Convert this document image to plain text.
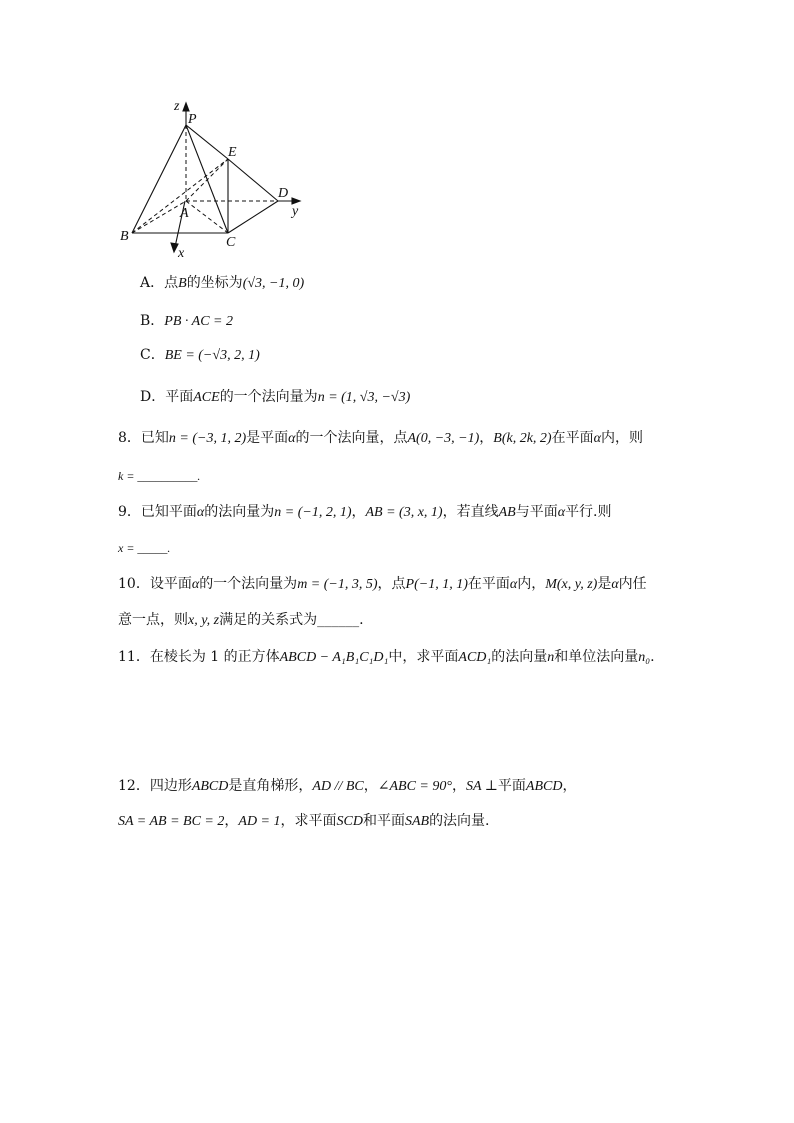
z
P
E
D
y
A
B	C
x
A．点B的坐标为(√3, −1, 0)
B．PB · AC = 2
C．BE = (−√3, 2, 1)
D．平面ACE的一个法向量为n = (1, √3, −√3)
8．已知n = (−3, 1, 2)是平面α的一个法向量，点A(0, −3, −1)，B(k, 2k, 2)在平面α内，则
k = __________.
9．已知平面α的法向量为n = (−1, 2, 1)，AB = (3, x, 1)，若直线AB与平面α平行.则
x = _____.
10．设平面α的一个法向量为m = (−1, 3, 5)，点P(−1, 1, 1)在平面α内，M(x, y, z)是α内任
意一点，则x, y, z满足的关系式为______.
11．在棱长为 1 的正方体ABCD − A₁B₁C₁D₁中，求平面ACD₁的法向量n和单位法向量n₀.
12．四边形ABCD是直角梯形，AD // BC，∠ABC = 90°，SA ⊥平面ABCD，
SA = AB = BC = 2，AD = 1，求平面SCD和平面SAB的法向量.
